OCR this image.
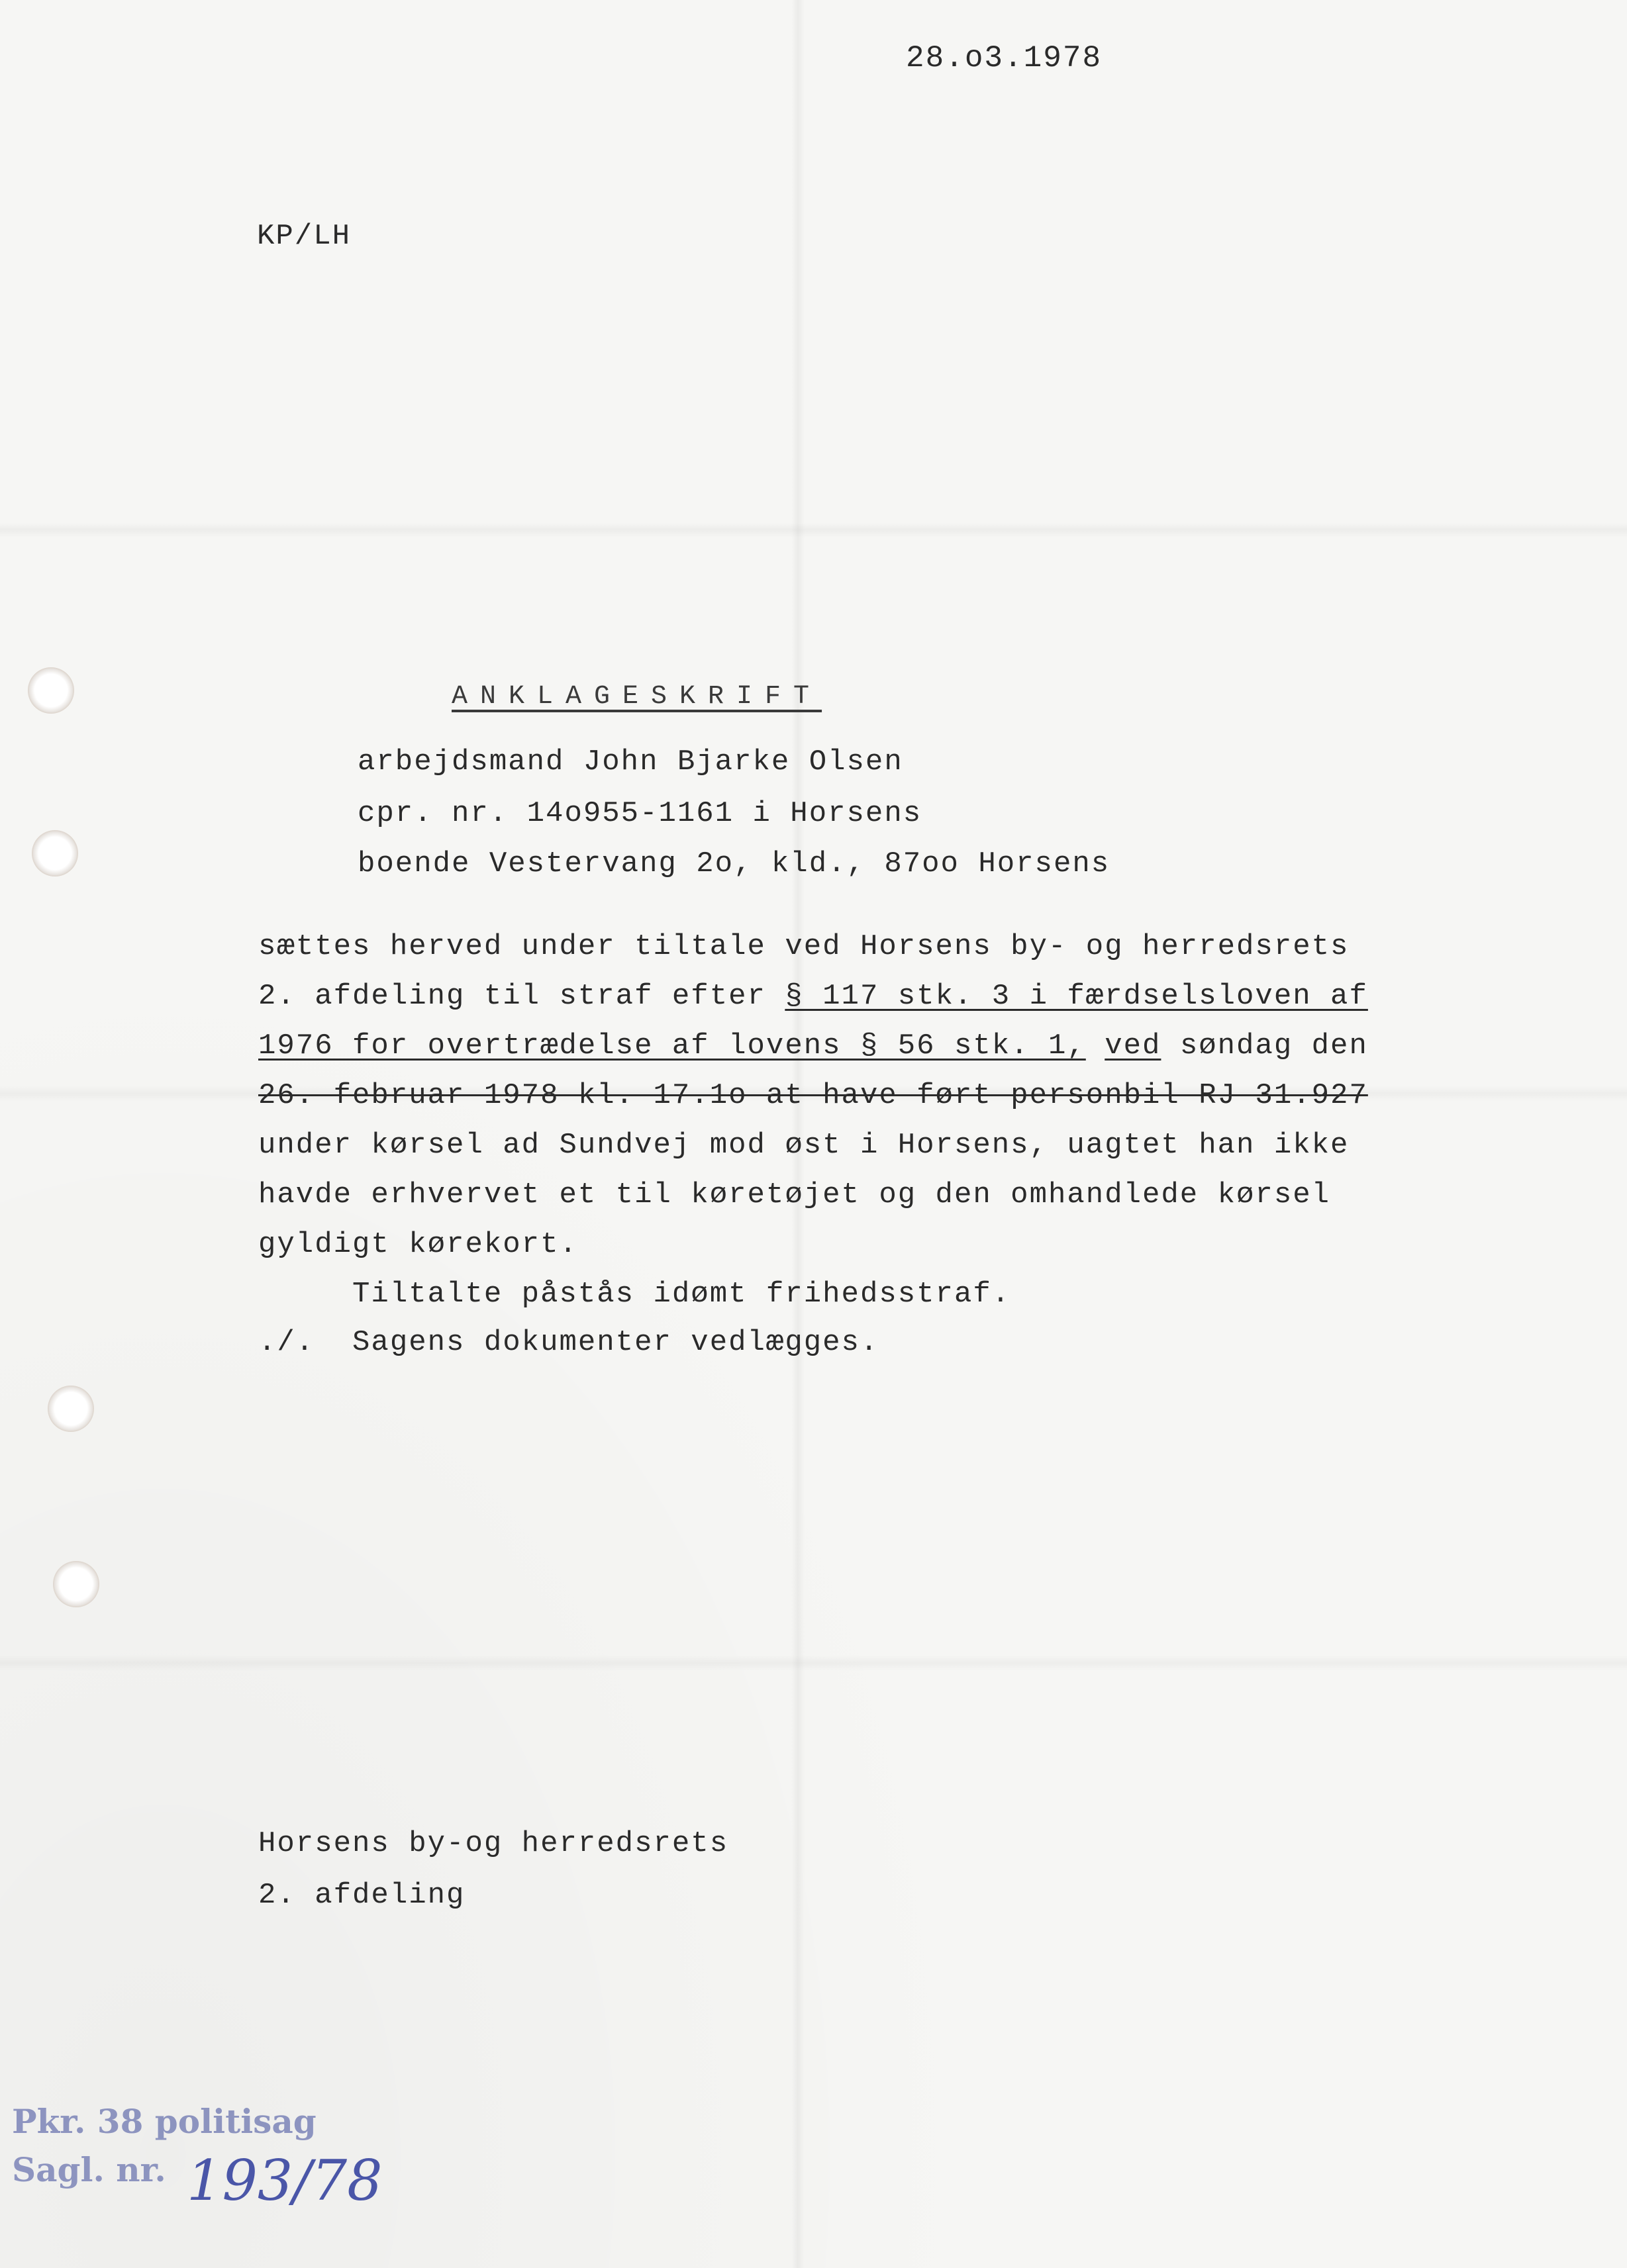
28.o3.1978
KP/LH
ANKLAGESKRIFT
arbejdsmand John Bjarke Olsen
cpr. nr. 14o955-1161 i Horsens
boende Vestervang 2o, kld., 87oo Horsens
sættes herved under tiltale ved Horsens by- og herredsrets
2. afdeling til straf efter § 117 stk. 3 i færdselsloven af
1976 for overtrædelse af lovens § 56 stk. 1, ved søndag den
26. februar 1978 kl. 17.1o at have ført personbil RJ 31.927
under kørsel ad Sundvej mod øst i Horsens, uagtet han ikke
havde erhvervet et til køretøjet og den omhandlede kørsel
gyldigt kørekort.
Tiltalte påstås idømt frihedsstraf.
./.  Sagens dokumenter vedlægges.
Horsens by-og herredsrets
2. afdeling
Pkr. 38 politisag
Sagl. nr. 193/78
